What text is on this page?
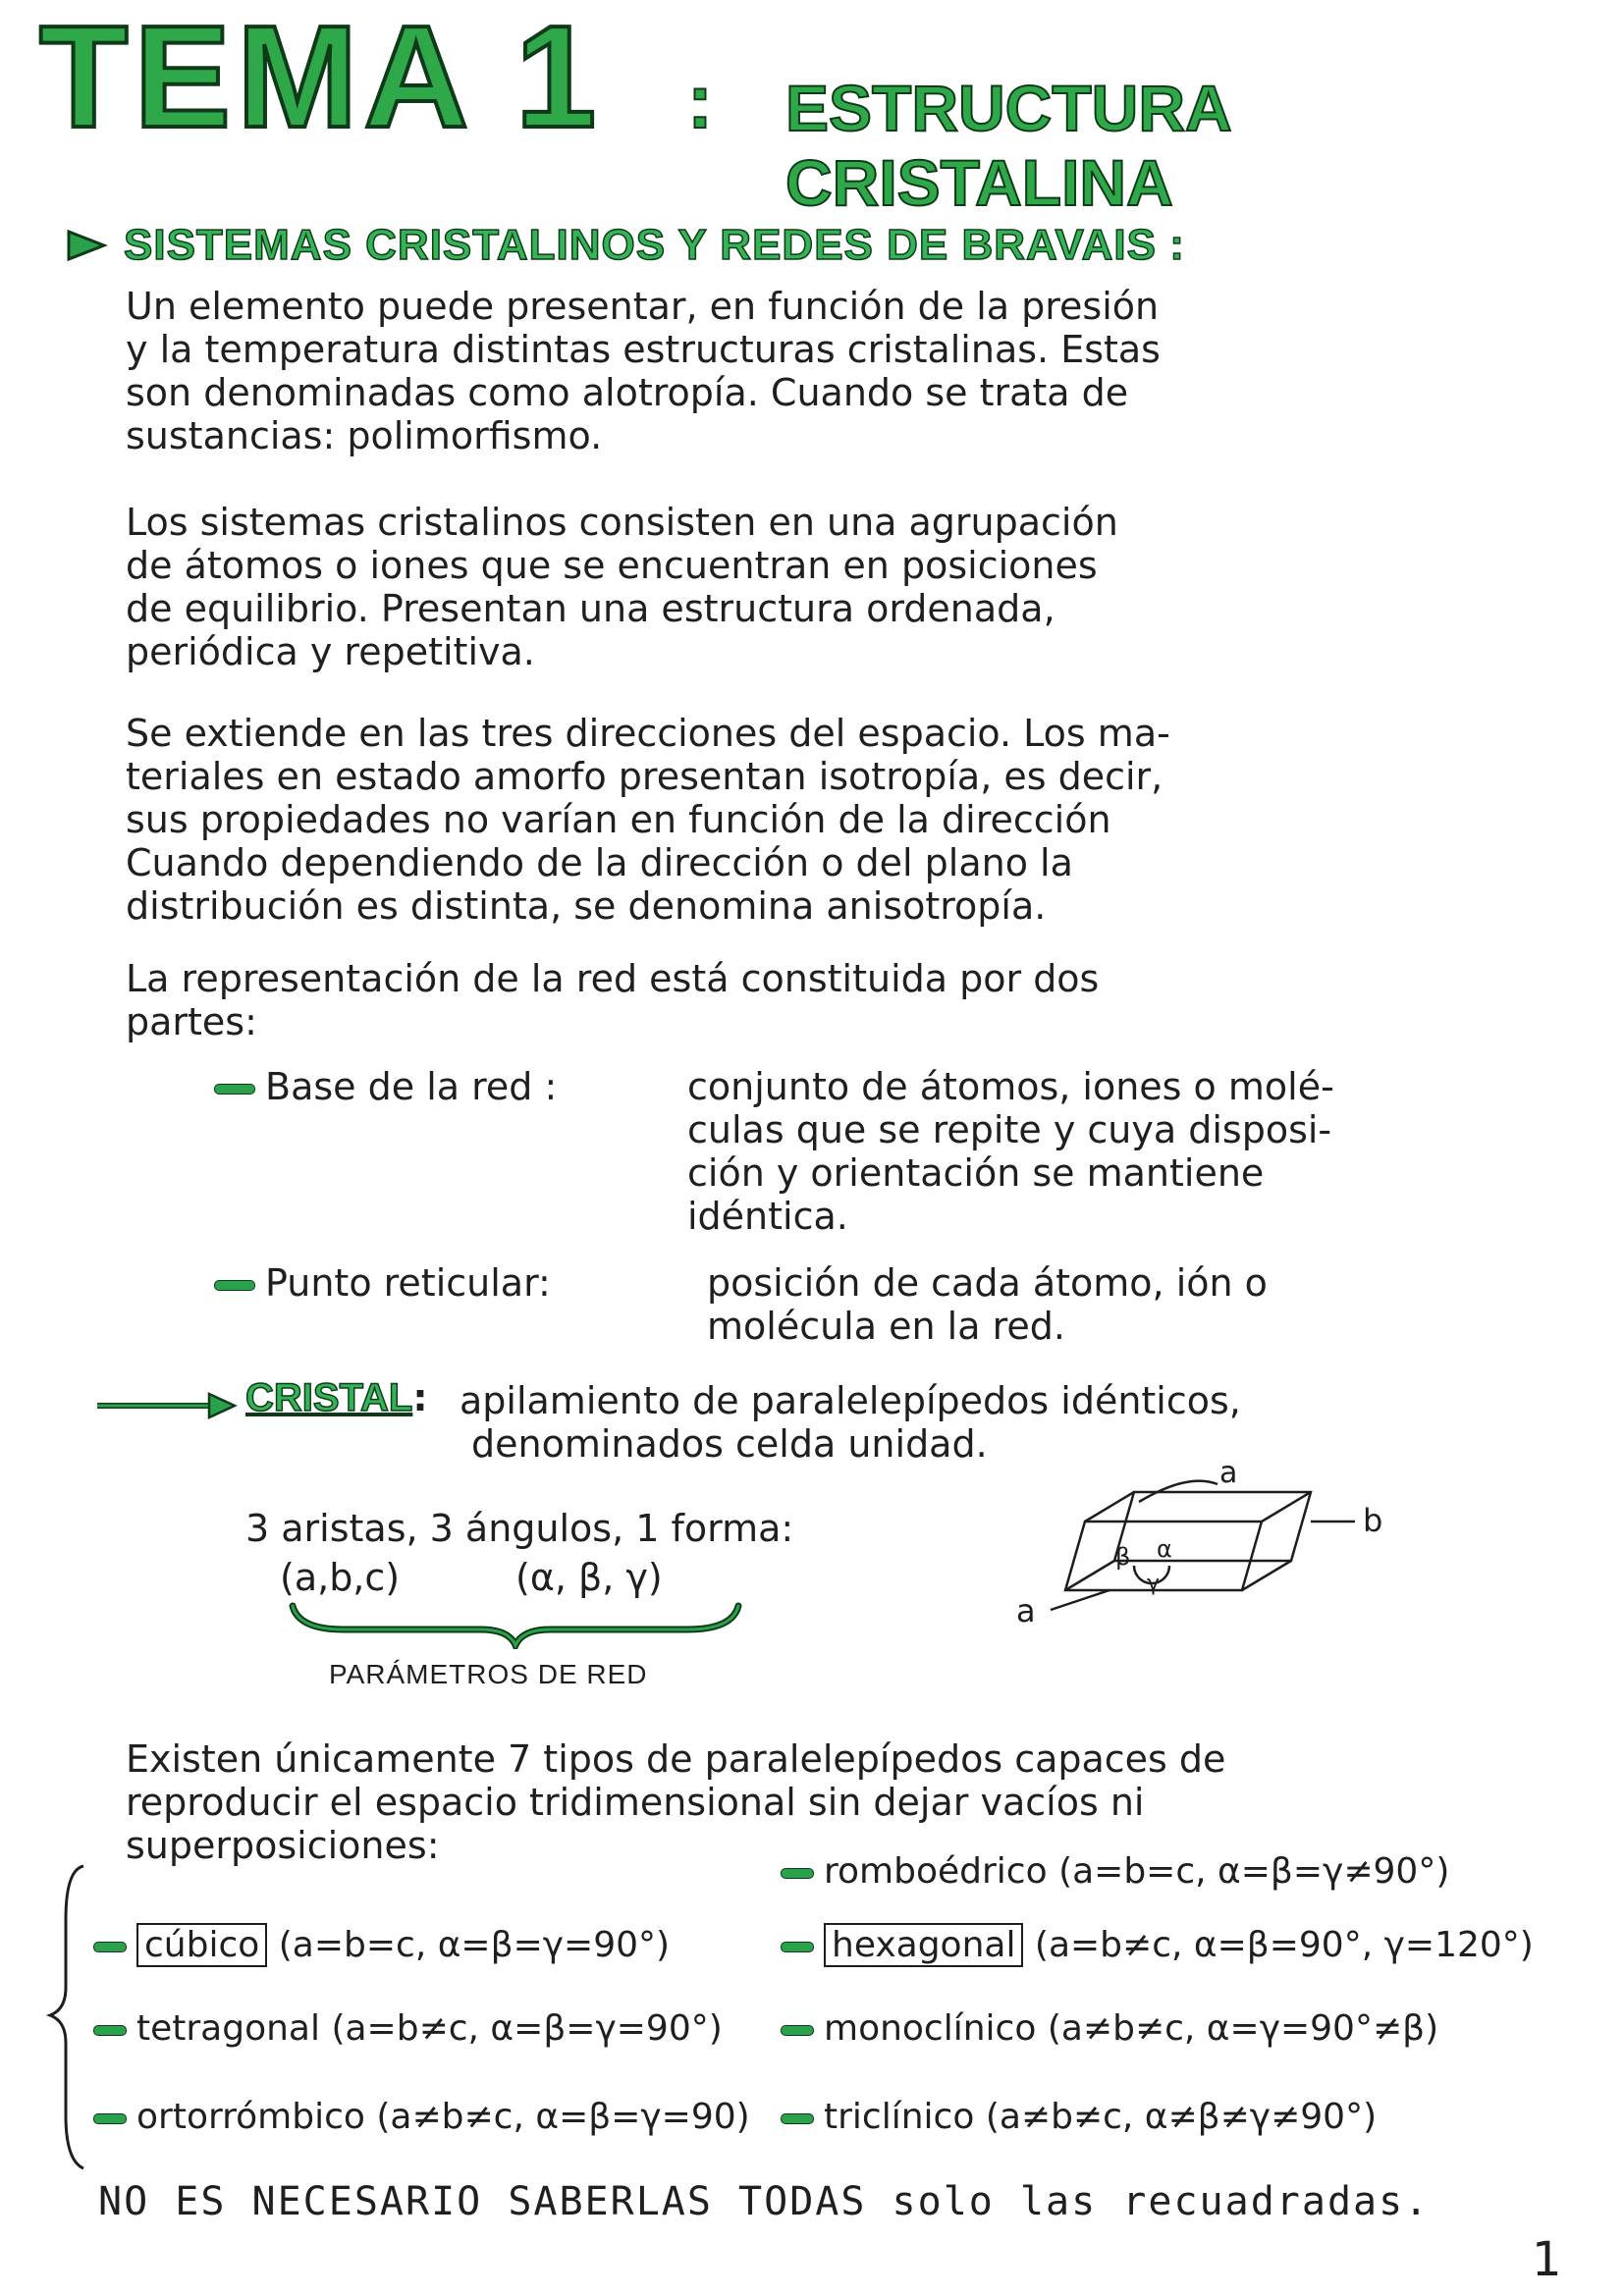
TEMA 1 : ESTRUCTURA CRISTALINA
SISTEMAS CRISTALINOS Y REDES DE BRAVAIS :
Un elemento puede presentar, en función de la presión
y la temperatura distintas estructuras cristalinas. Estas
son denominadas como alotropía. Cuando se trata de
sustancias: polimorfismo.
Los sistemas cristalinos consisten en una agrupación
de átomos o iones que se encuentran en posiciones
de equilibrio. Presentan una estructura ordenada,
periódica y repetitiva.
Se extiende en las tres direcciones del espacio. Los ma-
teriales en estado amorfo presentan isotropía, es decir,
sus propiedades no varían en función de la dirección
Cuando dependiendo de la dirección o del plano la
distribución es distinta, se denomina anisotropía.
La representación de la red está constituida por dos
partes:
Base de la red :	conjunto de átomos, iones o molé-
culas que se repite y cuya disposi-
ción y orientación se mantiene
idéntica.
Punto reticular:	posición de cada átomo, ión o
molécula en la red.
CRISTAL: apilamiento de paralelepípedos idénticos,
denominados celda unidad.
3 aristas, 3 ángulos, 1 forma:
(a,b,c)	(α, β, γ)
PARÁMETROS DE RED
a
b
a
β α
γ
Existen únicamente 7 tipos de paralelepípedos capaces de
reproducir el espacio tridimensional sin dejar vacíos ni
superposiciones:
romboédrico (a=b=c, α=β=γ≠90°)
cúbico (a=b=c, α=β=γ=90°)	hexagonal (a=b≠c, α=β=90°, γ=120°)
tetragonal (a=b≠c, α=β=γ=90°)	monoclínico (a≠b≠c, α=γ=90°≠β)
ortorrómbico (a≠b≠c, α=β=γ=90)	triclínico (a≠b≠c, α≠β≠γ≠90°)
NO ES NECESARIO SABERLAS TODAS solo las recuadradas.
1
